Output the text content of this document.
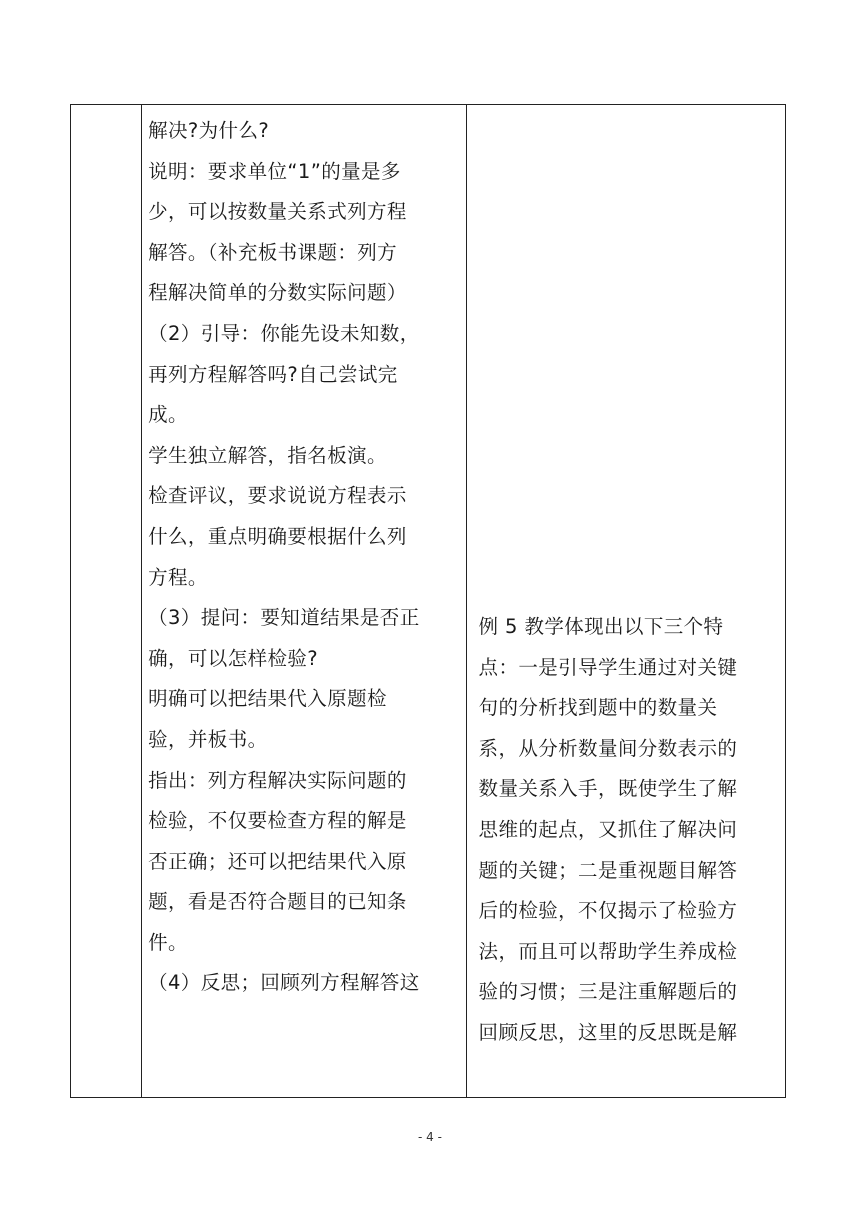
解决?为什么?
说明：要求单位“1”的量是多
少，可以按数量关系式列方程
解答。（补充板书课题：列方
程解决简单的分数实际问题）
（2）引导：你能先设未知数，
再列方程解答吗?自己尝试完
成。
学生独立解答，指名板演。
检查评议，要求说说方程表示
什么，重点明确要根据什么列
方程。
（3）提问：要知道结果是否正
确，可以怎样检验?
明确可以把结果代入原题检
验，并板书。
指出：列方程解决实际问题的
检验，不仅要检查方程的解是
否正确；还可以把结果代入原
题，看是否符合题目的已知条
件。
（4）反思；回顾列方程解答这

例 5 教学体现出以下三个特
点：一是引导学生通过对关键
句的分析找到题中的数量关
系，从分析数量间分数表示的
数量关系入手，既使学生了解
思维的起点，又抓住了解决问
题的关键；二是重视题目解答
后的检验，不仅揭示了检验方
法，而且可以帮助学生养成检
验的习惯；三是注重解题后的
回顾反思，这里的反思既是解
- 4 -
